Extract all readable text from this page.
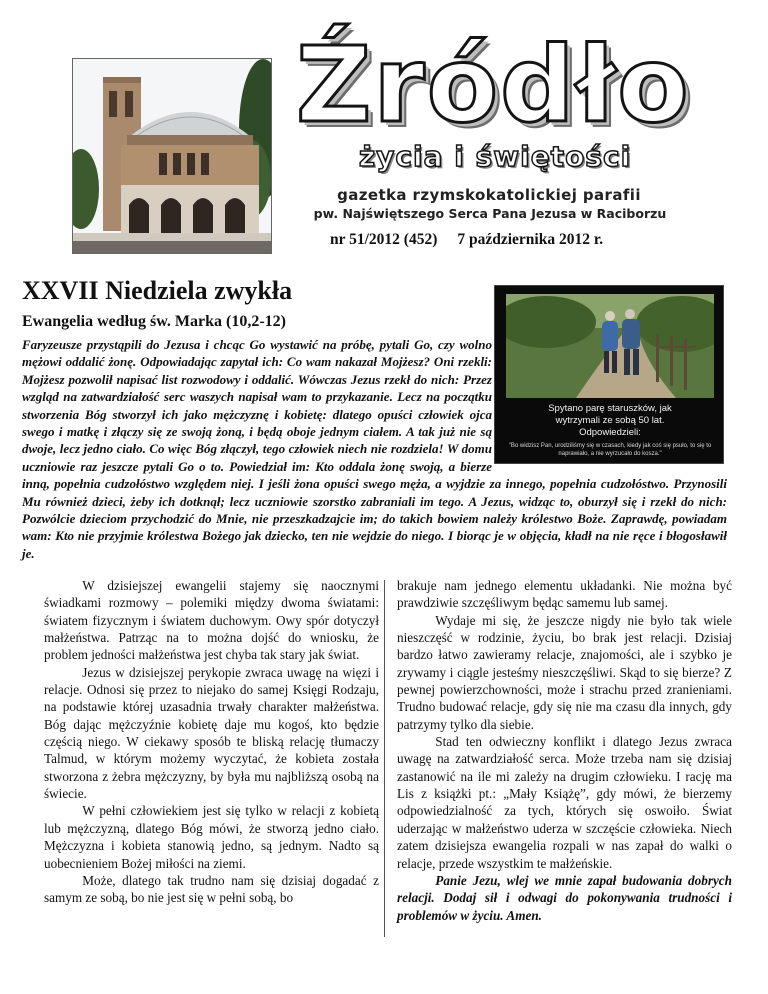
Źródło
życia i świętości
gazetka rzymskokatolickiej parafii
pw. Najświętszego Serca Pana Jezusa w Raciborzu
nr 51/2012 (452) 7 października 2012 r.
XXVII Niedziela zwykła
Ewangelia według św. Marka (10,2-12)
Spytano parę staruszków, jak wytrzymali ze sobą 50 lat. Odpowiedzieli:
"Bo widzisz Pan, urodziliśmy się w czasach, kiedy jak coś się psuło, to się to naprawiało, a nie wyrzucało do kosza."
Faryzeusze przystąpili do Jezusa i chcąc Go wystawić na próbę, pytali Go, czy wolno mężowi oddalić żonę. Odpowiadając zapytał ich: Co wam nakazał Mojżesz? Oni rzekli: Mojżesz pozwolił napisać list rozwodowy i oddalić. Wówczas Jezus rzekł do nich: Przez wzgląd na zatwardziałość serc waszych napisał wam to przykazanie. Lecz na początku stworzenia Bóg stworzył ich jako mężczyznę i kobietę: dlatego opuści człowiek ojca swego i matkę i złączy się ze swoją żoną, i będą oboje jednym ciałem. A tak już nie są dwoje, lecz jedno ciało. Co więc Bóg złączył, tego człowiek niech nie rozdziela! W domu uczniowie raz jeszcze pytali Go o to. Powiedział im: Kto oddala żonę swoją, a bierze inną, popełnia cudzołóstwo względem niej. I jeśli żona opuści swego męża, a wyjdzie za innego, popełnia cudzołóstwo. Przynosili Mu również dzieci, żeby ich dotknął; lecz uczniowie szorstko zabraniali im tego. A Jezus, widząc to, oburzył się i rzekł do nich: Pozwólcie dzieciom przychodzić do Mnie, nie przeszkadzajcie im; do takich bowiem należy królestwo Boże. Zaprawdę, powiadam wam: Kto nie przyjmie królestwa Bożego jak dziecko, ten nie wejdzie do niego. I biorąc je w objęcia, kładł na nie ręce i błogosławił je.

W dzisiejszej ewangelii stajemy się naocznymi świadkami rozmowy – polemiki między dwoma światami: światem fizycznym i światem duchowym. Owy spór dotyczył małżeństwa. Patrząc na to można dojść do wniosku, że problem jedności małżeństwa jest chyba tak stary jak świat.

Jezus w dzisiejszej perykopie zwraca uwagę na więzi i relacje. Odnosi się przez to niejako do samej Księgi Rodzaju, na podstawie której uzasadnia trwały charakter małżeństwa. Bóg dając mężczyźnie kobietę daje mu kogoś, kto będzie częścią niego. W ciekawy sposób te bliską relację tłumaczy Talmud, w którym możemy wyczytać, że kobieta została stworzona z żebra mężczyzny, by była mu najbliższą osobą na świecie.

W pełni człowiekiem jest się tylko w relacji z kobietą lub mężczyzną, dlatego Bóg mówi, że stworzą jedno ciało. Mężczyzna i kobieta stanowią jedno, są jednym. Nadto są uobecnieniem Bożej miłości na ziemi.

Może, dlatego tak trudno nam się dzisiaj dogadać z samym ze sobą, bo nie jest się w pełni sobą, bo

brakuje nam jednego elementu układanki. Nie można być prawdziwie szczęśliwym będąc samemu lub samej.

Wydaje mi się, że jeszcze nigdy nie było tak wiele nieszczęść w rodzinie, życiu, bo brak jest relacji. Dzisiaj bardzo łatwo zawieramy relacje, znajomości, ale i szybko je zrywamy i ciągle jesteśmy nieszczęśliwi. Skąd to się bierze? Z pewnej powierzchowności, może i strachu przed zranieniami. Trudno budować relacje, gdy się nie ma czasu dla innych, gdy patrzymy tylko dla siebie.

Stad ten odwieczny konflikt i dlatego Jezus zwraca uwagę na zatwardziałość serca. Może trzeba nam się dzisiaj zastanowić na ile mi zależy na drugim człowieku. I rację ma Lis z książki pt.: „Mały Książę”, gdy mówi, że bierzemy odpowiedzialność za tych, których się oswoiło. Świat uderzając w małżeństwo uderza w szczęście człowieka. Niech zatem dzisiejsza ewangelia rozpali w nas zapał do walki o relacje, przede wszystkim te małżeńskie.

Panie Jezu, wlej we mnie zapał budowania dobrych relacji. Dodaj sił i odwagi do pokonywania trudności i problemów w życiu. Amen.
